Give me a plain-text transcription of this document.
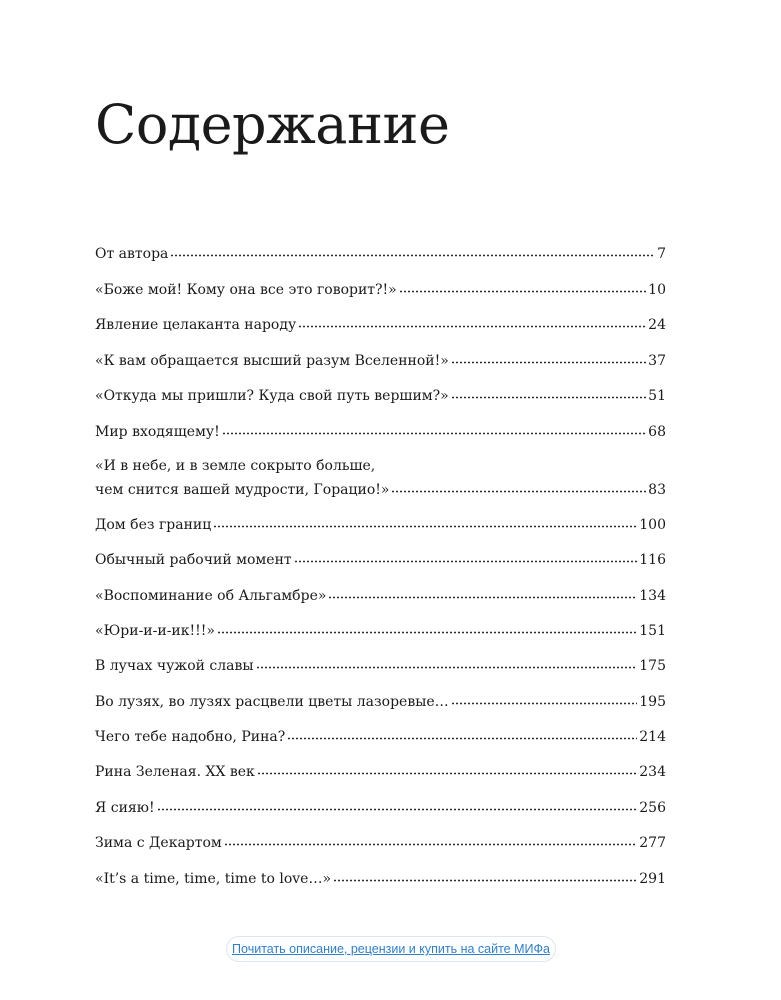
Содержание
От автора	7
«Боже мой! Кому она все это говорит?!»	10
Явление целаканта народу	24
«К вам обращается высший разум Вселенной!»	37
«Откуда мы пришли? Куда свой путь вершим?»	51
Мир входящему!	68
«И в небе, и в земле сокрыто больше,
чем снится вашей мудрости, Горацио!»	83
Дом без границ	100
Обычный рабочий момент	116
«Воспоминание об Альгамбре»	134
«Юри-и-и-ик!!!»	151
В лучах чужой славы	175
Во лузях, во лузях расцвели цветы лазоревые…	195
Чего тебе надобно, Рина?	214
Рина Зеленая. ХХ век	234
Я сияю!	256
Зима с Декартом	277
«It’s a time, time, time to love…»	291
Почитать описание, рецензии и купить на сайте МИФа
